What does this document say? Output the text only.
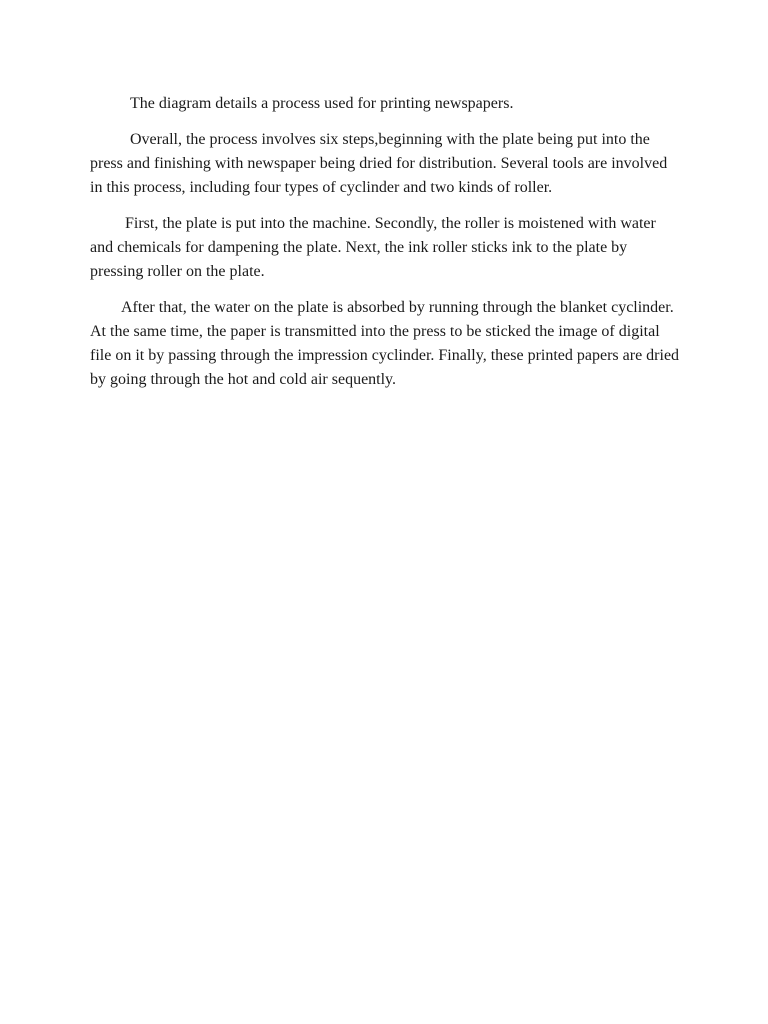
The diagram details a process used for printing newspapers.

Overall, the process involves six steps,beginning with the plate being put into the press and finishing with newspaper being dried for distribution. Several tools are involved in this process, including four types of cyclinder and two kinds of roller.

First, the plate is put into the machine. Secondly, the roller is moistened with water and chemicals for dampening the plate. Next, the ink roller sticks ink to the plate by pressing roller on the plate.

After that, the water on the plate is absorbed by running through the blanket cyclinder. At the same time, the paper is transmitted into the press to be sticked the image of digital file on it by passing through the impression cyclinder. Finally, these printed papers are dried by going through the hot and cold air sequently.
